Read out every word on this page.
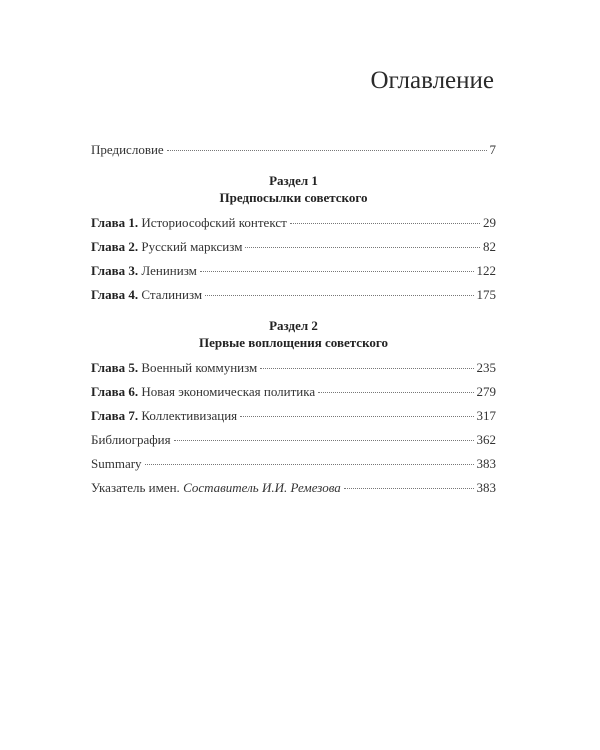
Оглавление
Предисловие	7
Раздел 1
Предпосылки советского
Глава 1. Историософский контекст	29
Глава 2. Русский марксизм	82
Глава 3. Ленинизм	122
Глава 4. Сталинизм	175
Раздел 2
Первые воплощения советского
Глава 5. Военный коммунизм	235
Глава 6. Новая экономическая политика	279
Глава 7. Коллективизация	317
Библиография	362
Summary	383
Указатель имен. Составитель И.И. Ремезова	383
